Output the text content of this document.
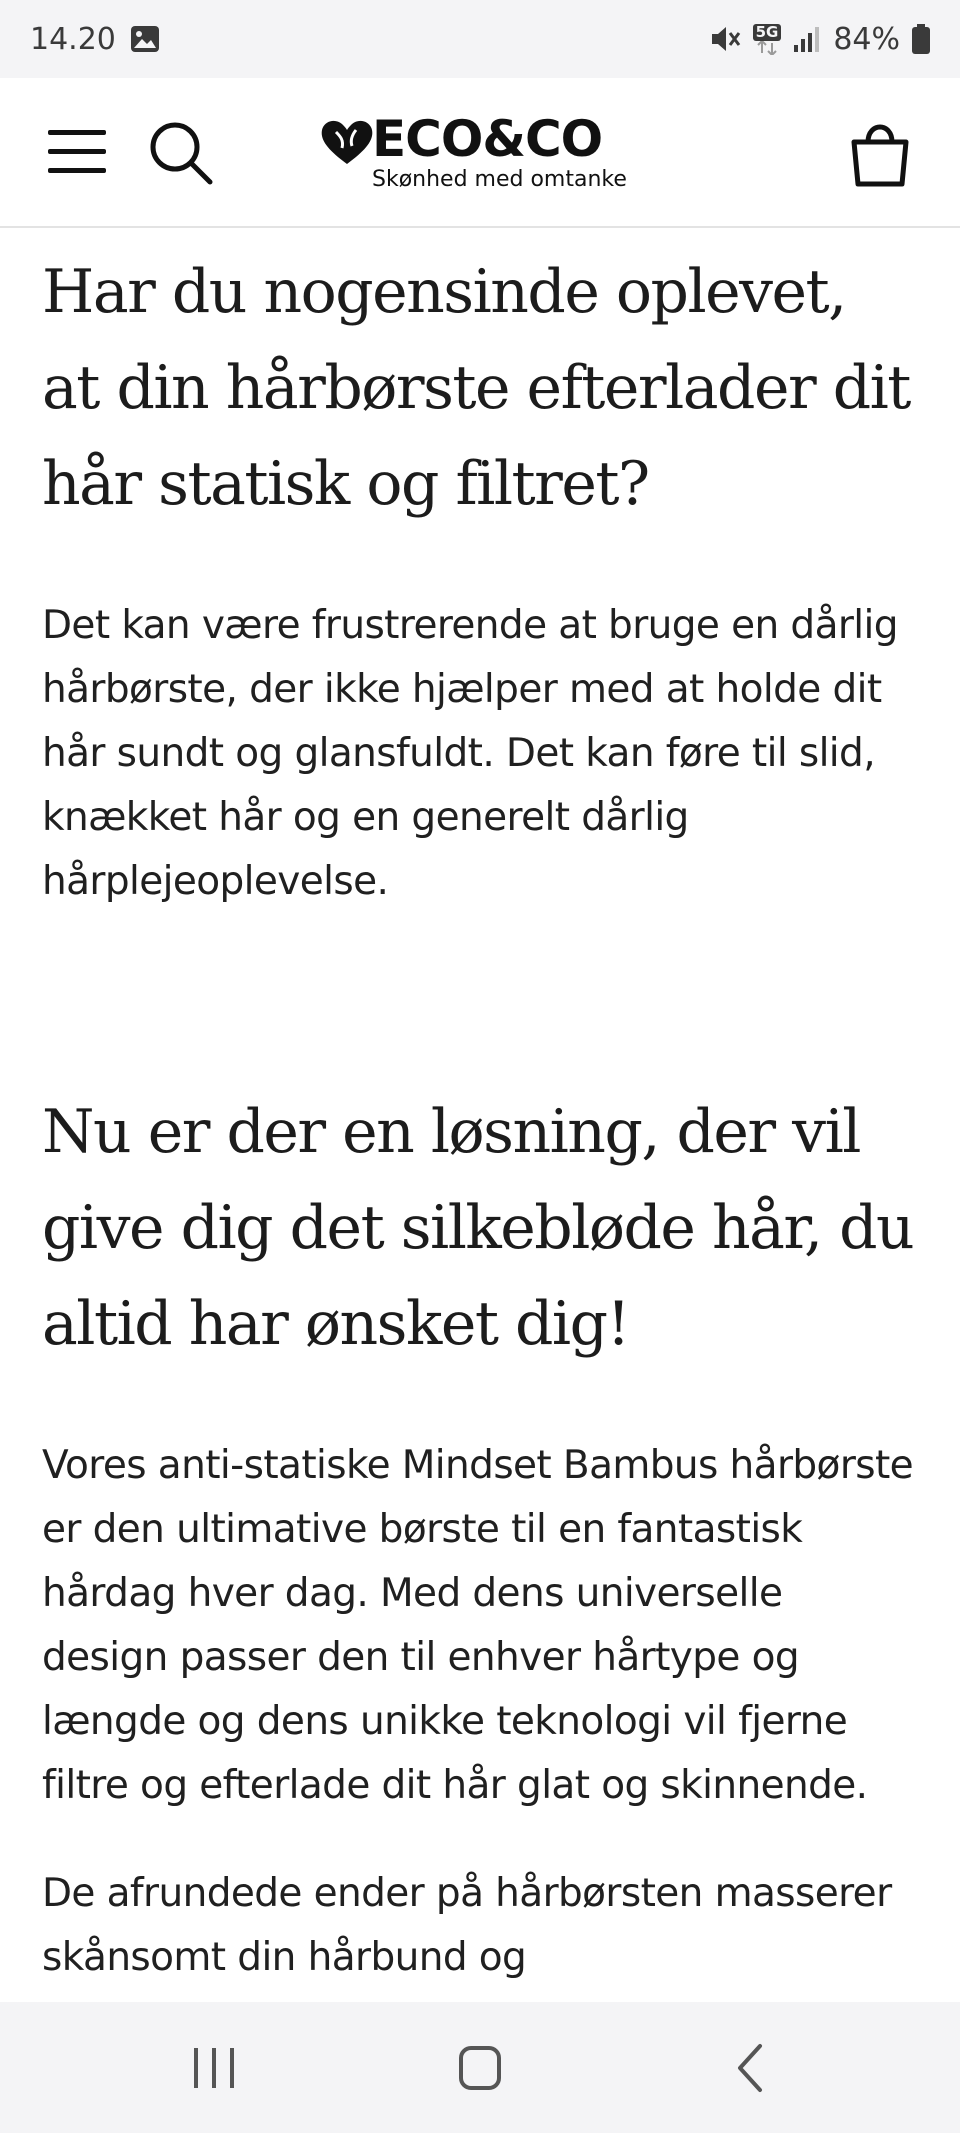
14.20	5G 84%
ECO&CO
Skønhed med omtanke
Har du nogensinde oplevet, at din hårbørste efterlader dit hår statisk og filtret?

Det kan være frustrerende at bruge en dårlig hårbørste, der ikke hjælper med at holde dit hår sundt og glansfuldt. Det kan føre til slid, knækket hår og en generelt dårlig hårplejeoplevelse.

Nu er der en løsning, der vil give dig det silkebløde hår, du altid har ønsket dig!

Vores anti-statiske Mindset Bambus hårbørste er den ultimative børste til en fantastisk hårdag hver dag. Med dens universelle design passer den til enhver hårtype og længde og dens unikke teknologi vil fjerne filtre og efterlade dit hår glat og skinnende.

De afrundede ender på hårbørsten masserer skånsomt din hårbund og
